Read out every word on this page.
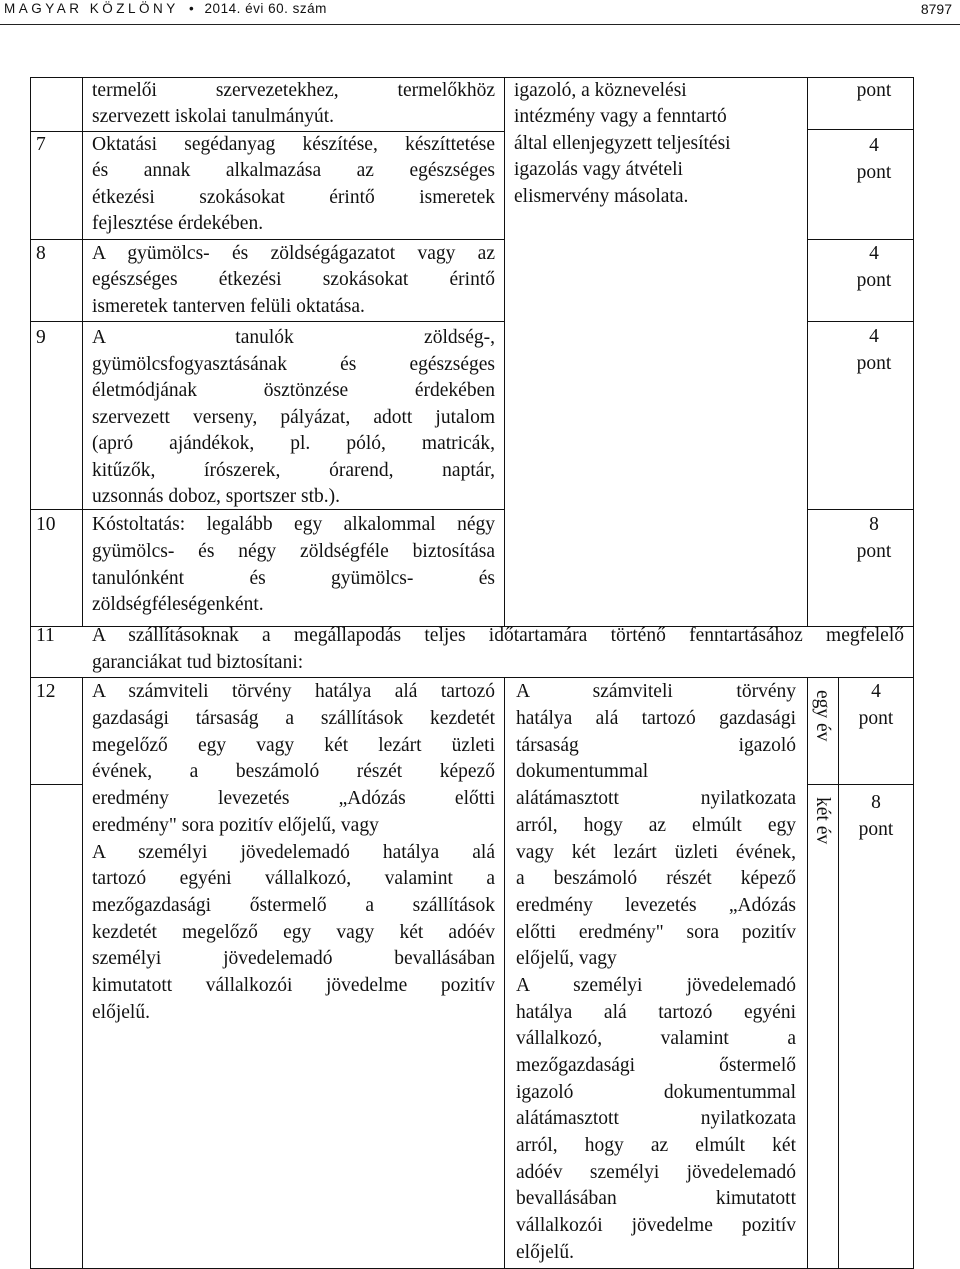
MAGYAR KÖZLÖNY • 2014. évi 60. szám	8797
termelői szervezetekhez, termelőkhöz
szervezett iskolai tanulmányút.
igazoló, a köznevelési
intézmény vagy a fenntartó
által ellenjegyzett teljesítési
igazolás vagy átvételi
elismervény másolata.
pont
7 Oktatási segédanyag készítése, készíttetése
és annak alkalmazása az egészséges
étkezési szokásokat érintő ismeretek
fejlesztése érdekében.
4
pont
8 A gyümölcs- és zöldségágazatot vagy az
egészséges étkezési szokásokat érintő
ismeretek tanterven felüli oktatása.
4
pont
9 A tanulók zöldség-,
gyümölcsfogyasztásának és egészséges
életmódjának ösztönzése érdekében
szervezett verseny, pályázat, adott jutalom
(apró ajándékok, pl. póló, matricák,
kitűzők, írószerek, órarend, naptár,
uzsonnás doboz, sportszer stb.).
4
pont
10 Kóstoltatás: legalább egy alkalommal négy
gyümölcs- és négy zöldségféle biztosítása
tanulónként és gyümölcs- és
zöldségféleségenként.
8
pont
11 A szállításoknak a megállapodás teljes időtartamára történő fenntartásához megfelelő
garanciákat tud biztosítani:
12 A számviteli törvény hatálya alá tartozó
gazdasági társaság a szállítások kezdetét
megelőző egy vagy két lezárt üzleti
évének, a beszámoló részét képező
eredmény levezetés „Adózás előtti
eredmény" sora pozitív előjelű, vagy
A személyi jövedelemadó hatálya alá
tartozó egyéni vállalkozó, valamint a
mezőgazdasági őstermelő a szállítások
kezdetét megelőző egy vagy két adóév
személyi jövedelemadó bevallásában
kimutatott vállalkozói jövedelme pozitív
előjelű.
A számviteli törvény
hatálya alá tartozó gazdasági
társaság igazoló
dokumentummal
alátámasztott nyilatkozata
arról, hogy az elmúlt egy
vagy két lezárt üzleti évének,
a beszámoló részét képező
eredmény levezetés „Adózás
előtti eredmény" sora pozitív
előjelű, vagy
A személyi jövedelemadó
hatálya alá tartozó egyéni
vállalkozó, valamint a
mezőgazdasági őstermelő
igazoló dokumentummal
alátámasztott nyilatkozata
arról, hogy az elmúlt két
adóév személyi jövedelemadó
bevallásában kimutatott
vállalkozói jövedelme pozitív
előjelű.
egy év
két év
4
pont
8
pont
